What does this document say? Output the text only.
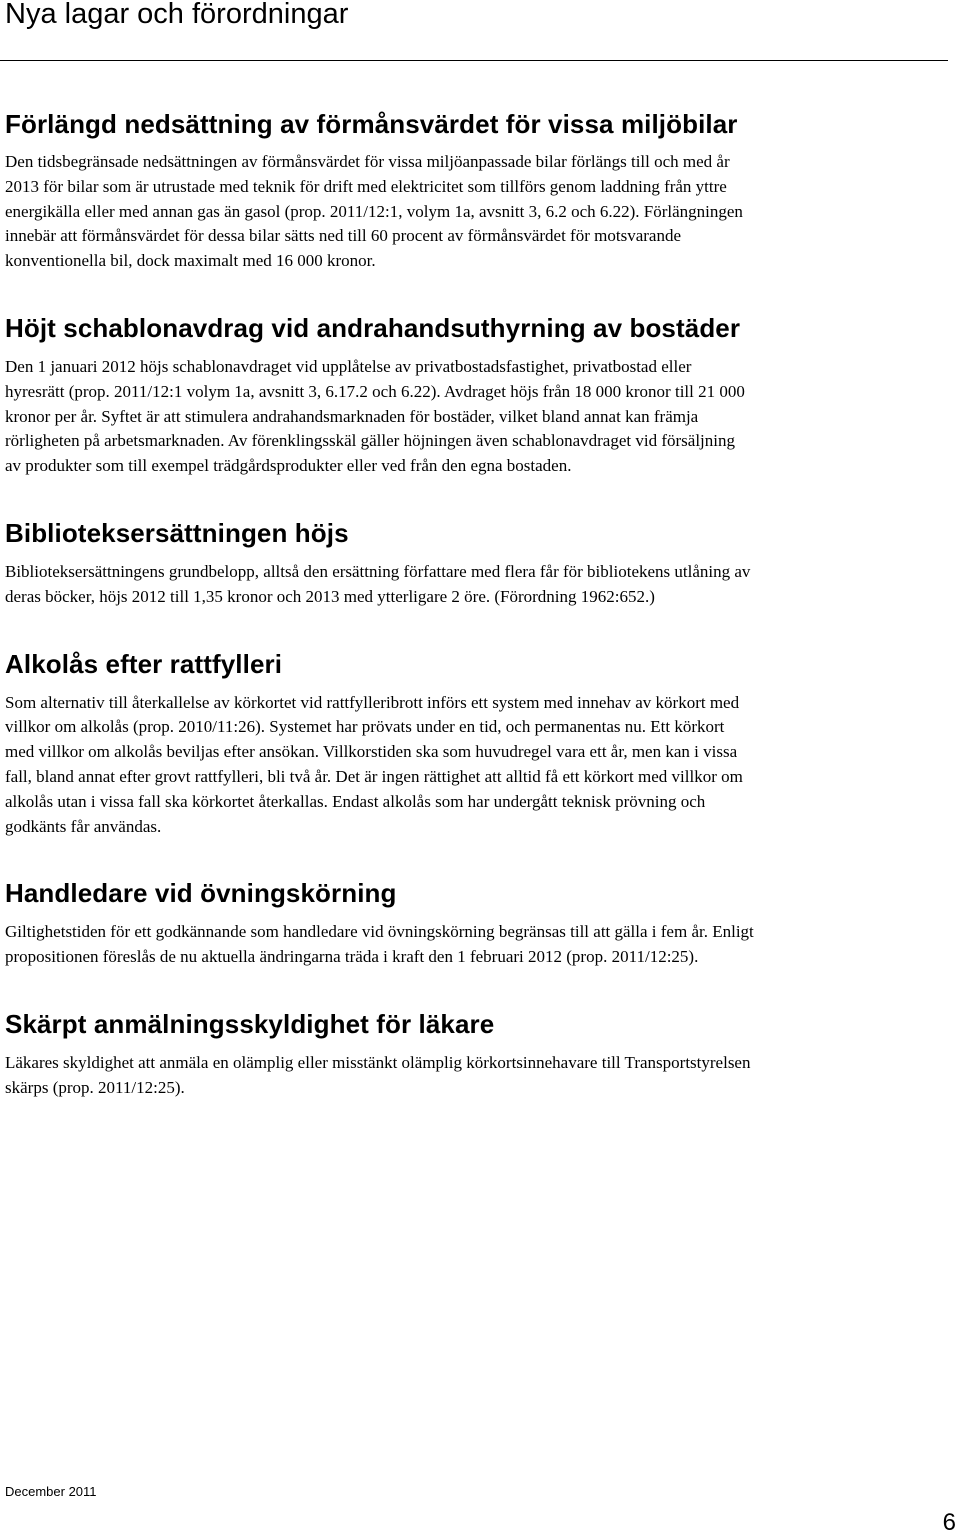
Nya lagar och förordningar
Förlängd nedsättning av förmånsvärdet för vissa miljöbilar

Den tidsbegränsade nedsättningen av förmånsvärdet för vissa miljöanpassade bilar förlängs till och med år 2013 för bilar som är utrustade med teknik för drift med elektricitet som tillförs genom laddning från yttre energikälla eller med annan gas än gasol (prop. 2011/12:1, volym 1a, avsnitt 3, 6.2 och 6.22). Förlängningen innebär att förmånsvärdet för dessa bilar sätts ned till 60 procent av förmånsvärdet för motsvarande konventionella bil, dock maximalt med 16 000 kronor.

Höjt schablonavdrag vid andrahandsuthyrning av bostäder

Den 1 januari 2012 höjs schablonavdraget vid upplåtelse av privatbostadsfastighet, privatbostad eller hyresrätt (prop. 2011/12:1 volym 1a, avsnitt 3, 6.17.2 och 6.22). Avdraget höjs från 18 000 kronor till 21 000 kronor per år. Syftet är att stimulera andrahandsmarknaden för bostäder, vilket bland annat kan främja rörligheten på arbetsmarknaden. Av förenklingsskäl gäller höjningen även schablonavdraget vid försäljning av produkter som till exempel trädgårdsprodukter eller ved från den egna bostaden.

Biblioteksersättningen höjs

Biblioteksersättningens grundbelopp, alltså den ersättning författare med flera får för bibliotekens utlåning av deras böcker, höjs 2012 till 1,35 kronor och 2013 med ytterligare 2 öre. (Förordning 1962:652.)

Alkolås efter rattfylleri

Som alternativ till återkallelse av körkortet vid rattfylleribrott införs ett system med innehav av körkort med villkor om alkolås (prop. 2010/11:26). Systemet har prövats under en tid, och permanentas nu. Ett körkort med villkor om alkolås beviljas efter ansökan. Villkorstiden ska som huvudregel vara ett år, men kan i vissa fall, bland annat efter grovt rattfylleri, bli två år. Det är ingen rättighet att alltid få ett körkort med villkor om alkolås utan i vissa fall ska körkortet återkallas. Endast alkolås som har undergått teknisk prövning och godkänts får användas.

Handledare vid övningskörning

Giltighetstiden för ett godkännande som handledare vid övningskörning begränsas till att gälla i fem år. Enligt propositionen föreslås de nu aktuella ändringarna träda i kraft den 1 februari 2012 (prop. 2011/12:25).

Skärpt anmälningsskyldighet för läkare

Läkares skyldighet att anmäla en olämplig eller misstänkt olämplig körkortsinnehavare till Transportstyrelsen skärps (prop. 2011/12:25).

December 2011
6
